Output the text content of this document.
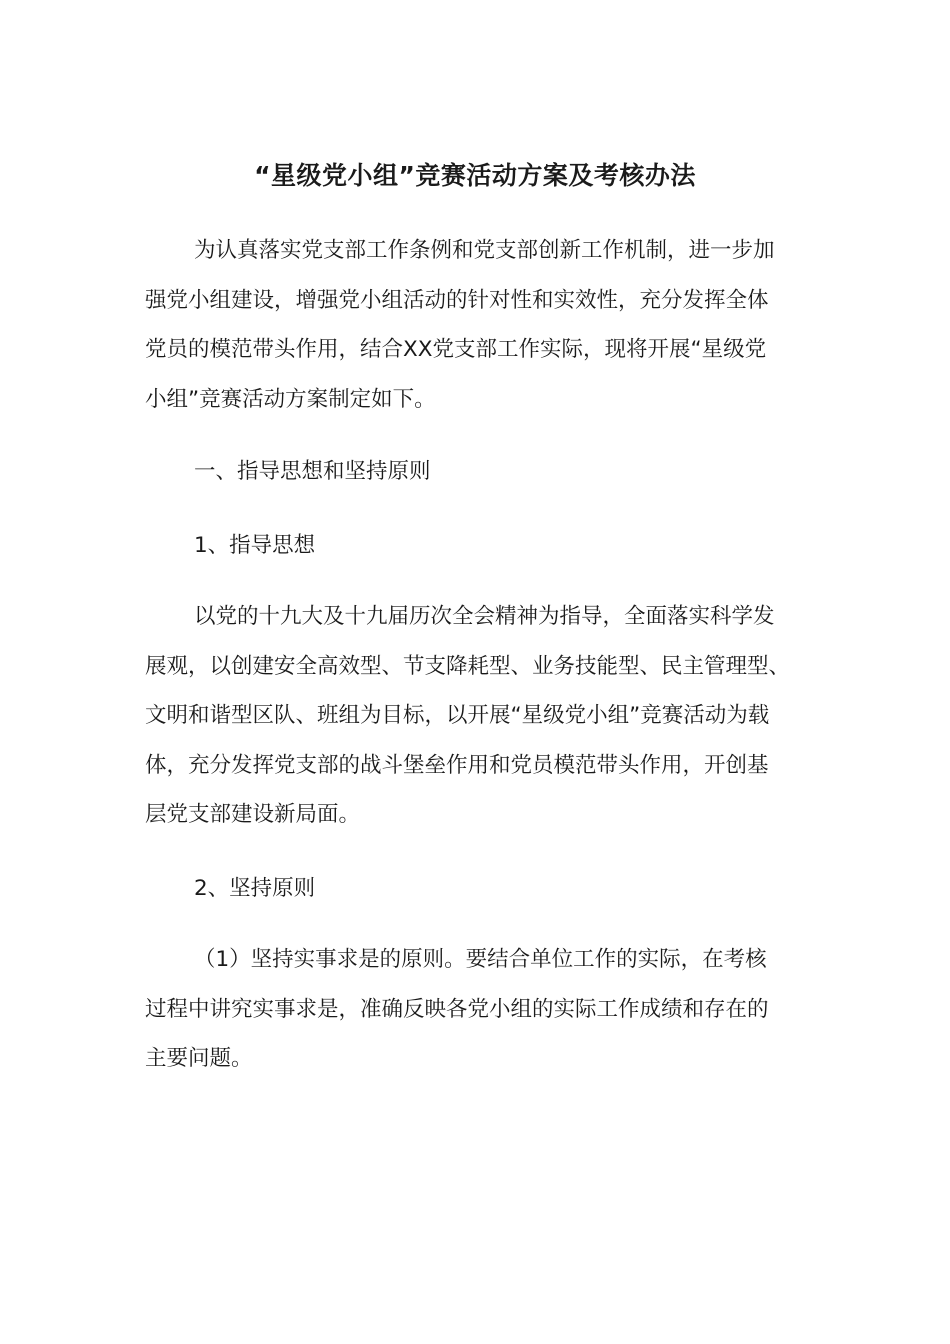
“星级党小组”竞赛活动方案及考核办法

为认真落实党支部工作条例和党支部创新工作机制，进一步加
强党小组建设，增强党小组活动的针对性和实效性，充分发挥全体
党员的模范带头作用，结合XX党支部工作实际，现将开展“星级党
小组”竞赛活动方案制定如下。

一、指导思想和坚持原则

1、指导思想

以党的十九大及十九届历次全会精神为指导，全面落实科学发
展观，以创建安全高效型、节支降耗型、业务技能型、民主管理型、
文明和谐型区队、班组为目标，以开展“星级党小组”竞赛活动为载
体，充分发挥党支部的战斗堡垒作用和党员模范带头作用，开创基
层党支部建设新局面。

2、坚持原则

（1）坚持实事求是的原则。要结合单位工作的实际，在考核
过程中讲究实事求是，准确反映各党小组的实际工作成绩和存在的
主要问题。
